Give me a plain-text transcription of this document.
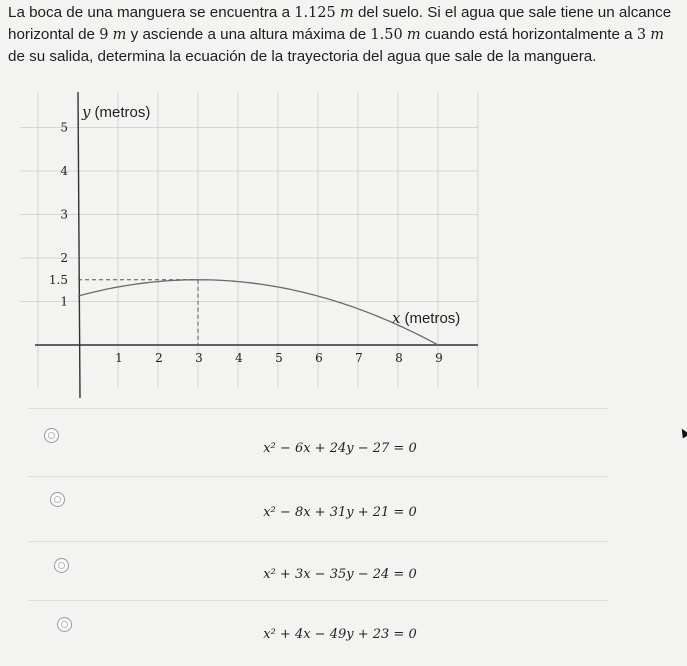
La boca de una manguera se encuentra a 1.125 m del suelo. Si el agua que sale tiene un alcance horizontal de 9 m y asciende a una altura máxima de 1.50 m cuando está horizontalmente a 3 m de su salida, determina la ecuación de la trayectoria del agua que sale de la manguera.
1	2	3	4	5	6	7	8	9
1
1.5
2
3
4
5
y (metros)
x (metros)
x² − 6x + 24y − 27 = 0
x² − 8x + 31y + 21 = 0
x² + 3x − 35y − 24 = 0
x² + 4x − 49y + 23 = 0
